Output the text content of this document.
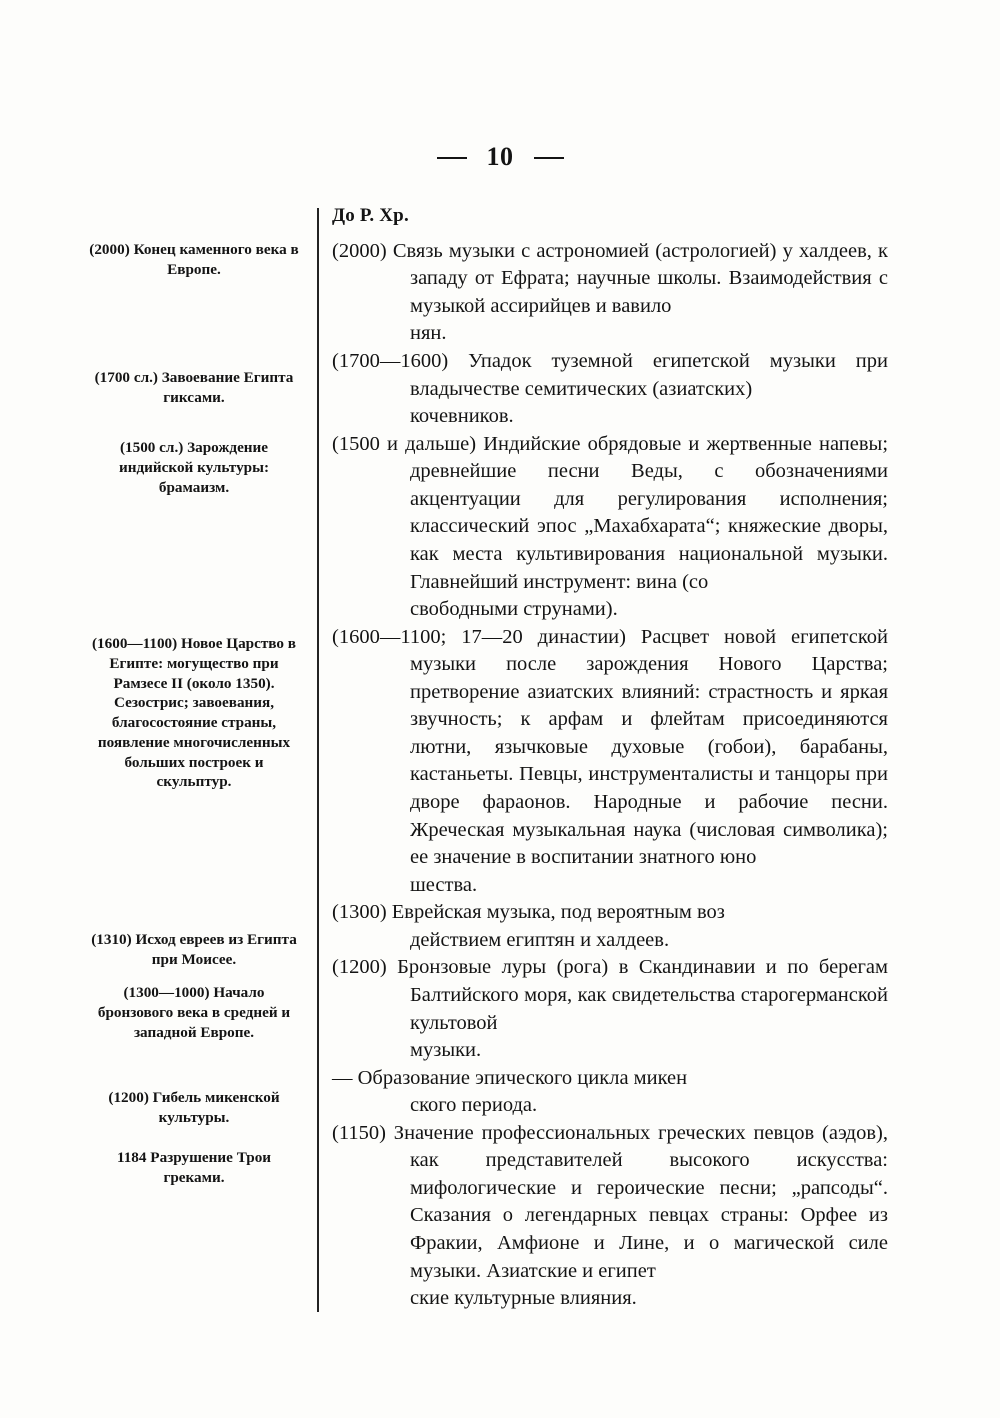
10
(2000) Конец каменного века в Европе.
(1700 сл.) Завоевание Египта гиксами.
(1500 сл.) Зарождение индийской культуры: брамаизм.
(1600—1100) Новое Царство в Египте: могущество при Рамзесе II (около 1350). Сезострис; завоевания, благосостояние страны, появление многочисленных больших построек и скульптур.
(1310) Исход евреев из Египта при Моисее.
(1300—1000) Начало бронзового века в средней и западной Европе.
(1200) Гибель микенской культуры.
1184 Разрушение Трои греками.
До Р. Хр.

(2000) Связь музыки с астрономией (астрологией) у халдеев, к западу от Ефрата; научные школы. Взаимодействия с музыкой ассирийцев и вавило

нян.

(1700—1600) Упадок туземной египетской музыки при владычестве семитических (азиатских)

кочевников.

(1500 и дальше) Индийские обрядовые и жертвенные напевы; древнейшие песни Веды, с обозначениями акцентуации для регулирования исполнения; классический эпос „Махабхарата“; княжеские дворы, как места культивирования национальной музыки. Главнейший инструмент: вина (со

свободными струнами).

(1600—1100; 17—20 династии) Расцвет новой египетской музыки после зарождения Нового Царства; претворение азиатских влияний: страстность и яркая звучность; к арфам и флейтам присоединяются лютни, язычковые духовые (гобои), барабаны, кастаньеты. Певцы, инструменталисты и танцоры при дворе фараонов. Народные и рабочие песни. Жреческая музыкальная наука (числовая символика); ее значение в воспитании знатного юно

шества.

(1300) Еврейская музыка, под вероятным воз

действием египтян и халдеев.

(1200) Бронзовые луры (рога) в Скандинавии и по берегам Балтийского моря, как свидетельства старогерманской культовой

музыки.

— Образование эпического цикла микен

ского периода.

(1150) Значение профессиональных греческих певцов (аэдов), как представителей высокого искусства: мифологические и героические песни; „рапсоды“. Сказания о легендарных певцах страны: Орфее из Фракии, Амфионе и Лине, и о магической силе музыки. Азиатские и египет

ские культурные влияния.
